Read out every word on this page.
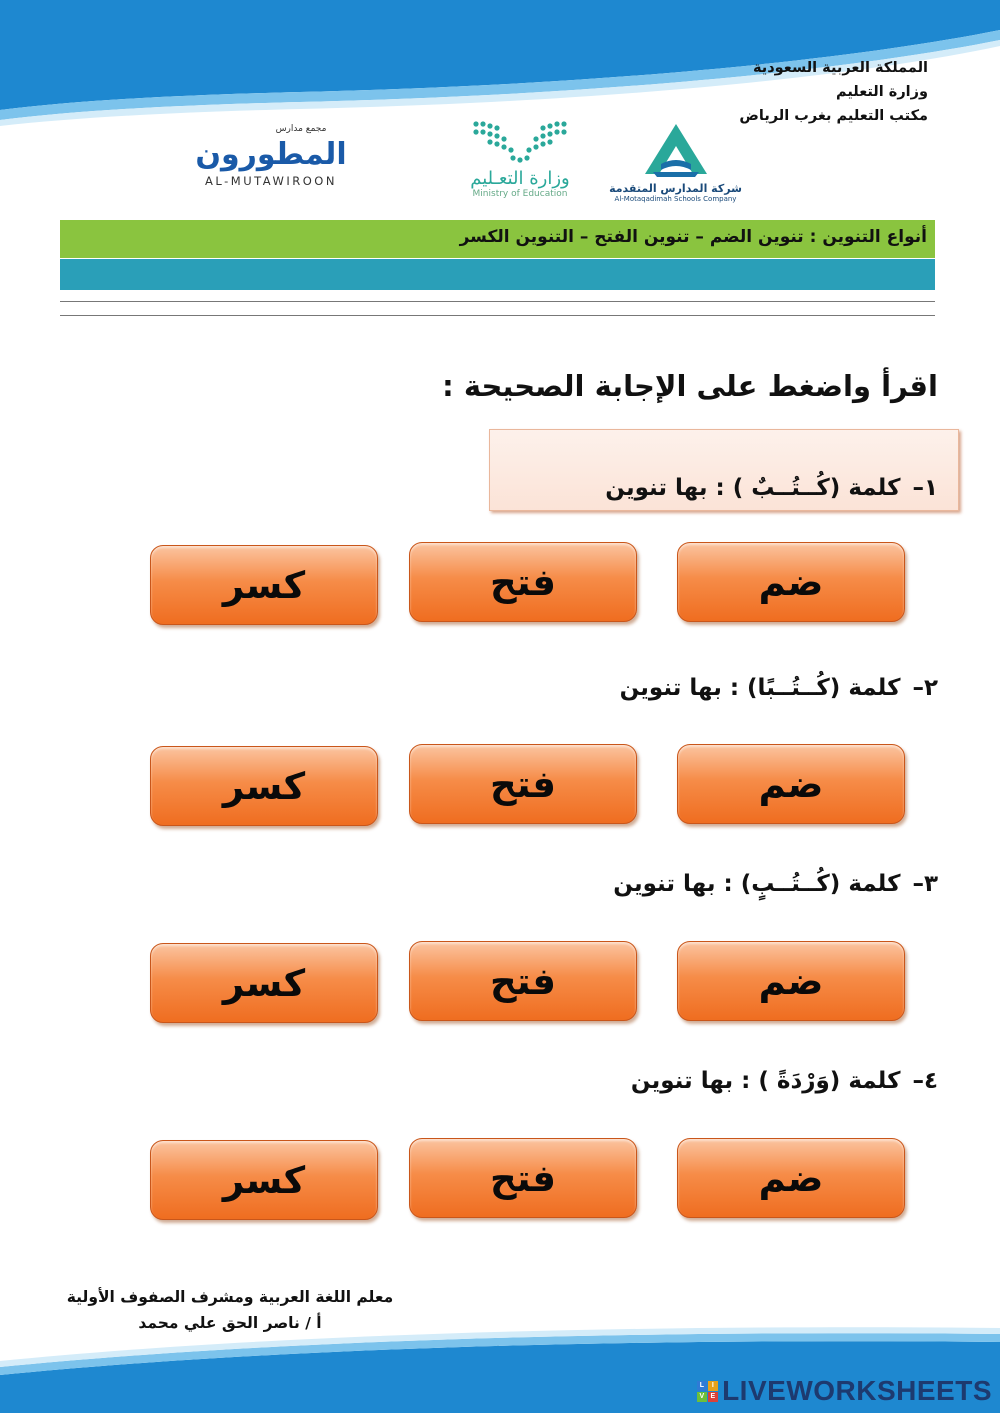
المملكة العربية السعودية
وزارة التعليم
مكتب التعليم بغرب الرياض
مجمع مدارس
المطورون
AL-MUTAWIROON	وزارة التعـليم
Ministry of Education	شركة المدارس المتقدمة
Al-Motaqadimah Schools Company
أنواع التنوين : تنوين الضم – تنوين الفتح – التنوين الكسر
اقرأ واضغط على الإجابة الصحيحة :
١–كلمة(كُــتُــبٌ ): بها تنوين
ضم
فتح
كسر
٢–كلمة(كُــتُــبًا): بها تنوين
ضم
فتح
كسر
٣–كلمة(كُــتُــبٍ): بها تنوين
ضم
فتح
كسر
٤–كلمة(وَرْدَةً ): بها تنوين
ضم
فتح
كسر
معلم اللغة العربية ومشرف الصفوف الأولية
أ / ناصر الحق علي محمد
L	I
V E LIVEWORKSHEETS
